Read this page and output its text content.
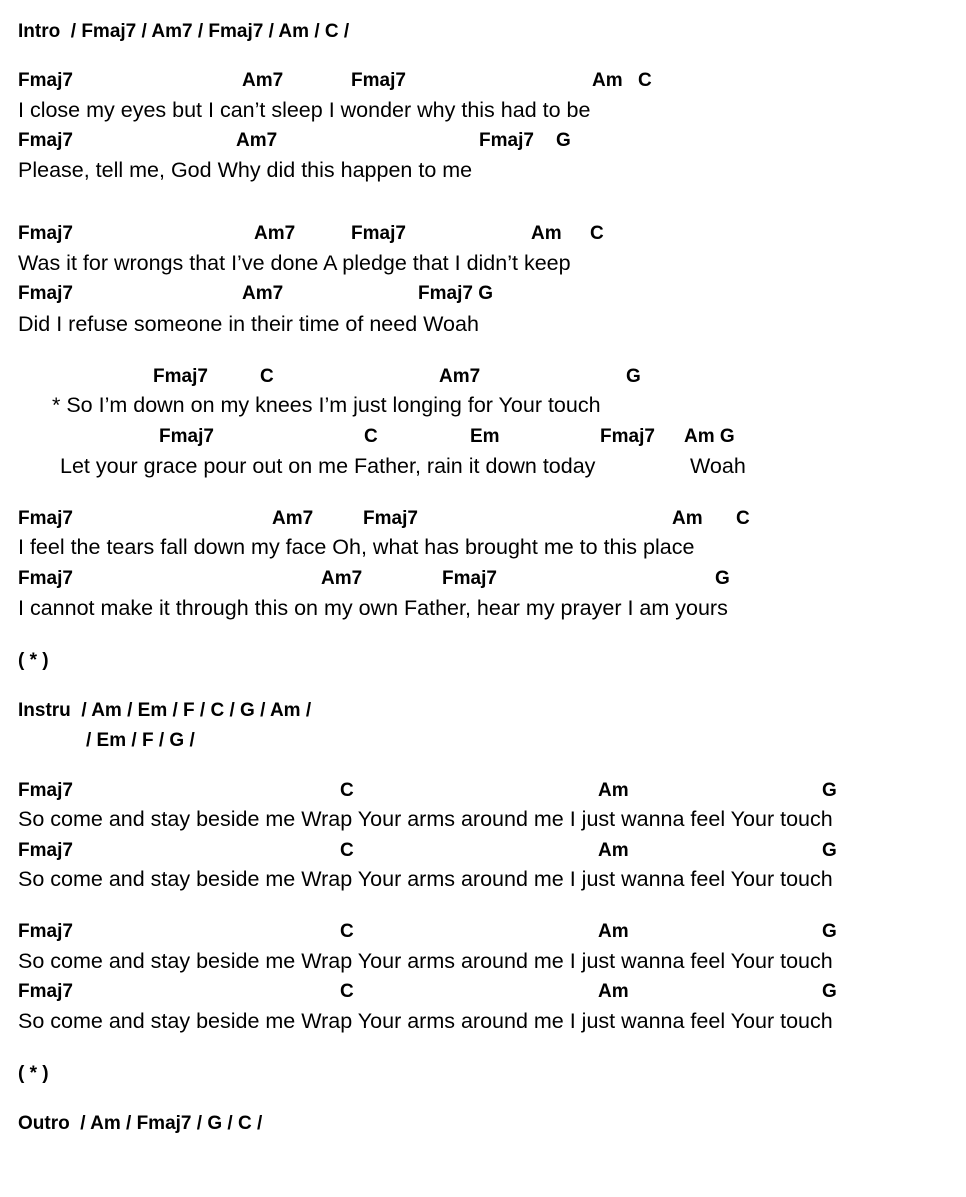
Intro  / Fmaj7 / Am7 / Fmaj7 / Am / C /
Fmaj7	Am7	Fmaj7	Am C
I close my eyes but I can’t sleep I wonder why this had to be
Fmaj7	Am7	Fmaj7 G
Please, tell me, God Why did this happen to me
Fmaj7	Am7	Fmaj7	Am C
Was it for wrongs that I’ve done A pledge that I didn’t keep
Fmaj7	Am7	Fmaj7 G
Did I refuse someone in their time of need Woah
Fmaj7	C	Am7	G
* So I’m down on my knees I’m just longing for Your touch
Fmaj7	C	Em	Fmaj7 Am G
Let your grace pour out on me Father, rain it down today	Woah
Fmaj7	Am7	Fmaj7	Am C
I feel the tears fall down my face Oh, what has brought me to this place
Fmaj7	Am7	Fmaj7	G
I cannot make it through this on my own Father, hear my prayer I am yours
( * )
Instru  / Am / Em / F / C / G / Am /
/ Em / F / G /
Fmaj7	C	Am	G
So come and stay beside me Wrap Your arms around me I just wanna feel Your touch
Fmaj7	C	Am	G
So come and stay beside me Wrap Your arms around me I just wanna feel Your touch
Fmaj7	C	Am	G
So come and stay beside me Wrap Your arms around me I just wanna feel Your touch
Fmaj7	C	Am	G
So come and stay beside me Wrap Your arms around me I just wanna feel Your touch
( * )
Outro  / Am / Fmaj7 / G / C /
